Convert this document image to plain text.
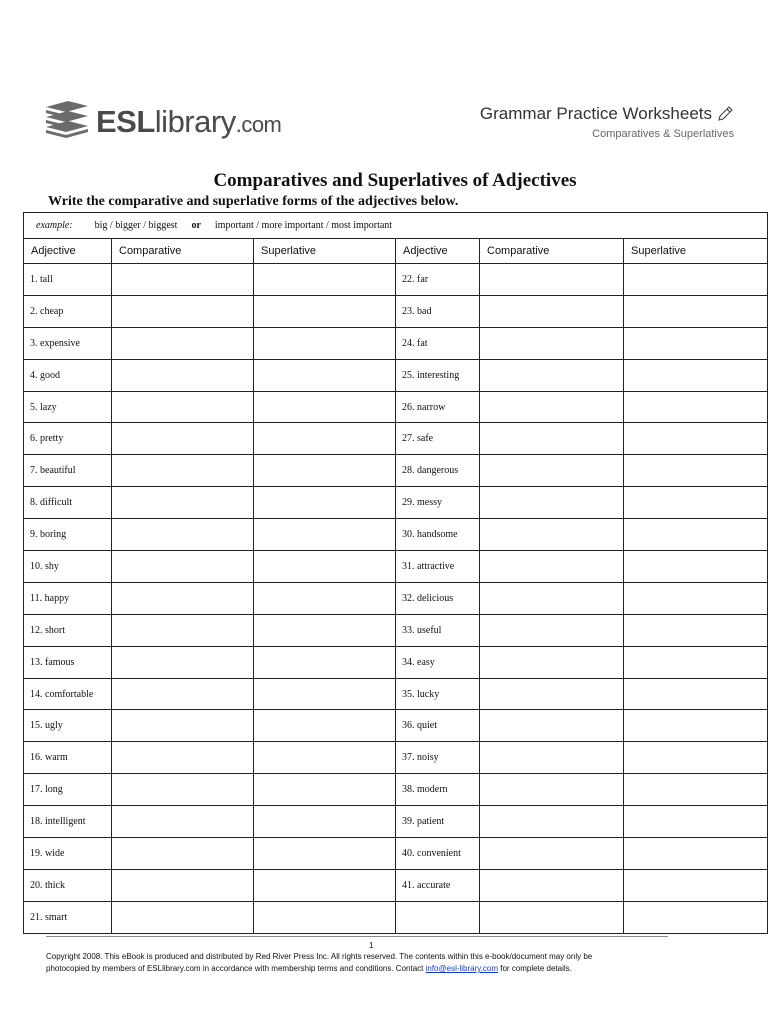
ESLlibrary.com	Grammar Practice Worksheets
Comparatives & Superlatives
Comparatives and Superlatives of Adjectives
Write the comparative and superlative forms of the adjectives below.
example: big / bigger / biggest or important / more important / most important					
Adjective	Comparative	Superlative	Adjective	Comparative	Superlative
1. tall			22. far		
2. cheap			23. bad		
3. expensive			24. fat		
4. good			25. interesting		
5. lazy			26. narrow		
6. pretty			27. safe		
7. beautiful			28. dangerous		
8. difficult			29. messy		
9. boring			30. handsome		
10. shy			31. attractive		
11. happy			32. delicious		
12. short			33. useful		
13. famous			34. easy		
14. comfortable			35. lucky		
15. ugly			36. quiet		
16. warm			37. noisy		
17. long			38. modern		
18. intelligent			39. patient		
19. wide			40. convenient		
20. thick			41. accurate		
21. smart					
1
Copyright 2008. This eBook is produced and distributed by Red River Press Inc. All rights reserved. The contents within this e-book/document may only be
photocopied by members of ESLlibrary.com in accordance with membership terms and conditions. Contact info@esl-library.com for complete details.
